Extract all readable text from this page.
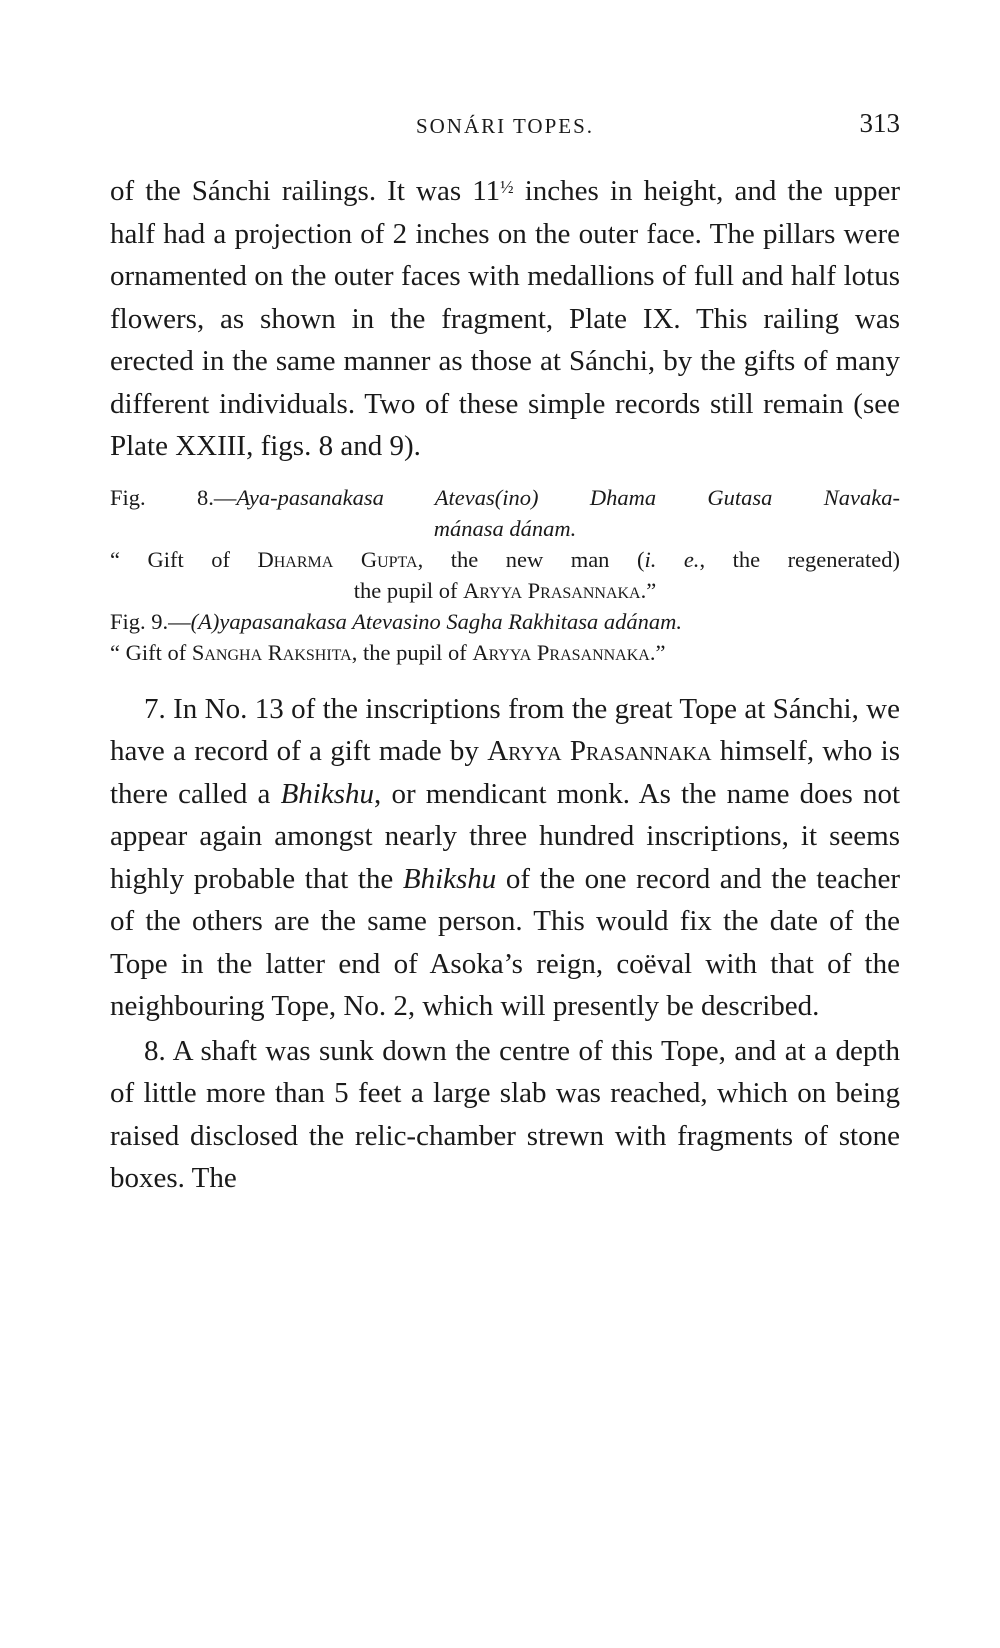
SONÁRI TOPES.	313

of the Sánchi railings. It was $11^{\frac{1}{2}}$ inches in height, and the upper half had a projection of 2 inches on the outer face. The pillars were ornamented on the outer faces with medallions of full and half lotus flowers, as shown in the fragment, Plate IX. This railing was erected in the same manner as those at Sánchi, by the gifts of many different individuals. Two of these simple records still remain (see Plate XXIII, figs. 8 and 9).

Fig. 8.—Aya-pasanakasa Atevas(ino) Dhama Gutasa Navaka-

mánasa dánam.

“ Gift of Dharma Gupta, the new man (i. e., the regenerated)

the pupil of Aryya Prasannaka.”

Fig. 9.—(A)yapasanakasa Atevasino Sagha Rakhitasa adánam.

“ Gift of Sangha Rakshita, the pupil of Aryya Prasannaka.”

7. In No. 13 of the inscriptions from the great Tope at Sánchi, we have a record of a gift made by Aryya Prasannaka himself, who is there called a Bhikshu, or mendicant monk. As the name does not appear again amongst nearly three hundred inscriptions, it seems highly probable that the Bhikshu of the one record and the teacher of the others are the same person. This would fix the date of the Tope in the latter end of Asoka’s reign, coëval with that of the neighbouring Tope, No. 2, which will presently be described.

8. A shaft was sunk down the centre of this Tope, and at a depth of little more than 5 feet a large slab was reached, which on being raised disclosed the relic-chamber strewn with fragments of stone boxes. The
